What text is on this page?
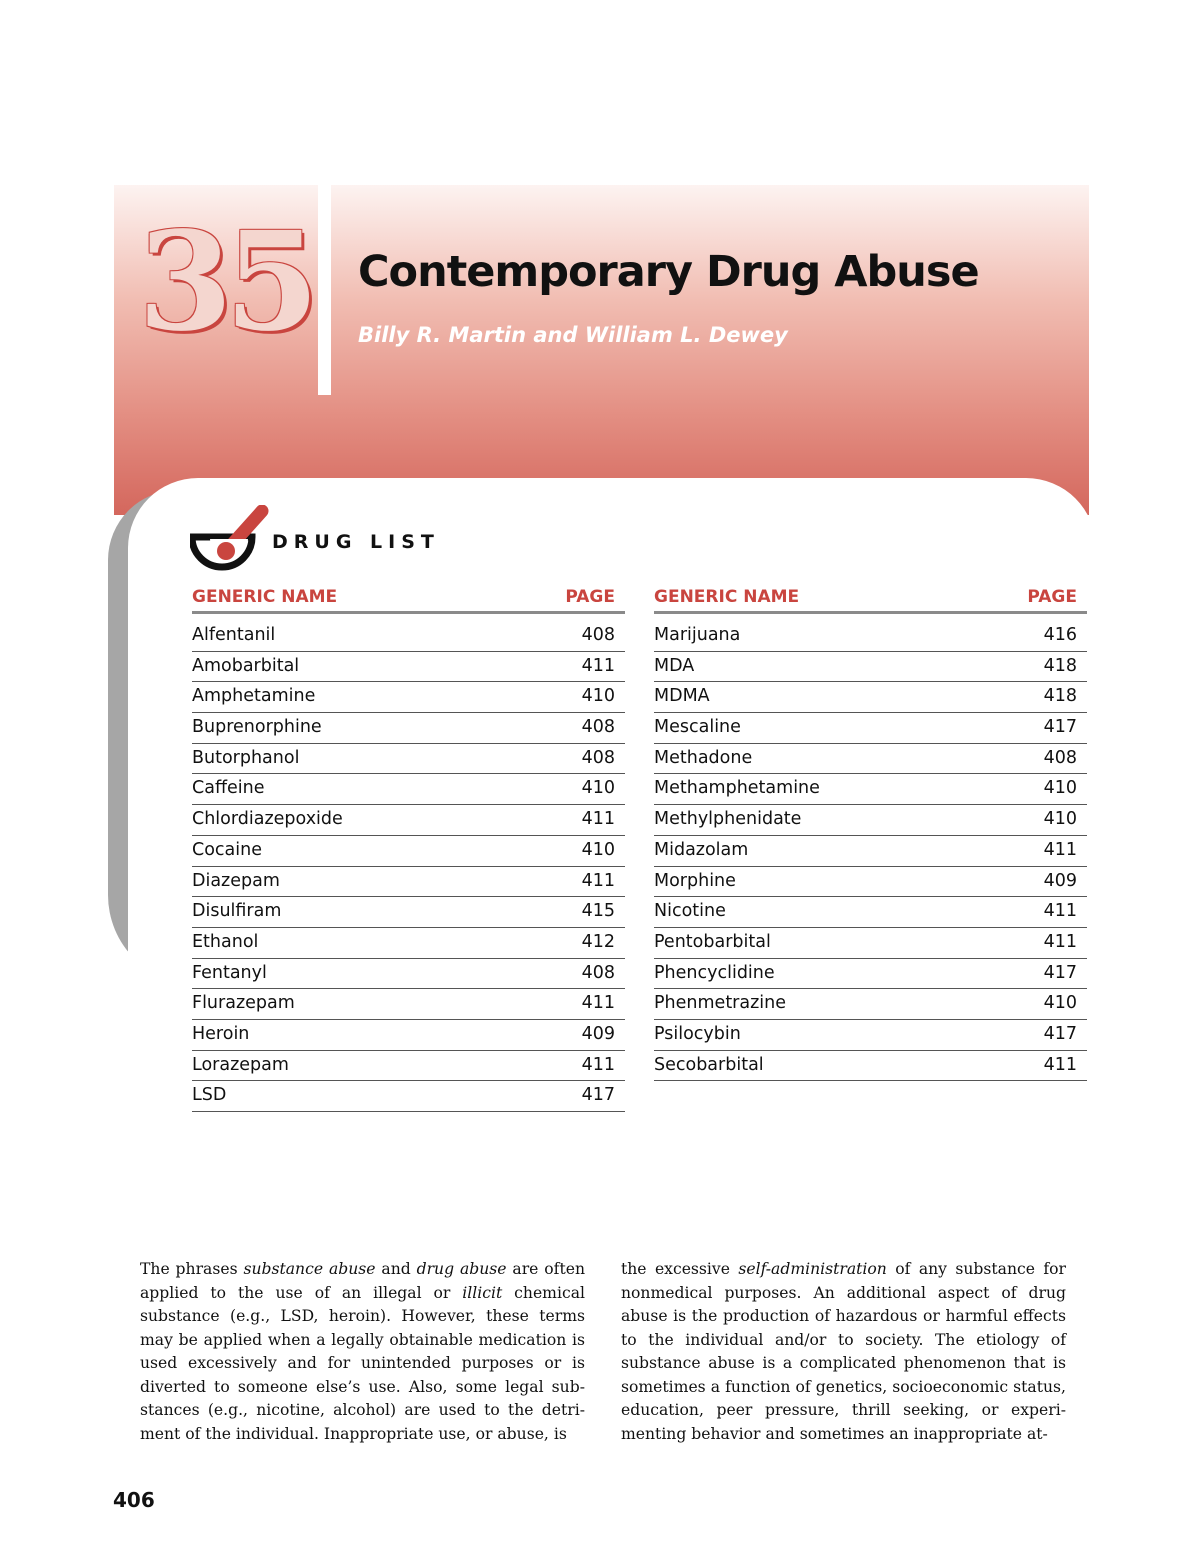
35 Contemporary Drug Abuse
Billy R. Martin and William L. Dewey
DRUG LIST
GENERIC NAME	PAGE
Alfentanil	408
Amobarbital	411
Amphetamine	410
Buprenorphine	408
Butorphanol	408
Caffeine	410
Chlordiazepoxide	411
Cocaine	410
Diazepam	411
Disulfiram	415
Ethanol	412
Fentanyl	408
Flurazepam	411
Heroin	409
Lorazepam	411
LSD	417
GENERIC NAME	PAGE
Marijuana	416
MDA	418
MDMA	418
Mescaline	417
Methadone	408
Methamphetamine	410
Methylphenidate	410
Midazolam	411
Morphine	409
Nicotine	411
Pentobarbital	411
Phencyclidine	417
Phenmetrazine	410
Psilocybin	417
Secobarbital	411

The phrases substance abuse and drug abuse are often applied to the use of an illegal or illicit chemical substance (e.g., LSD, heroin). However, these terms may be applied when a legally obtainable medication is used excessively and for unintended purposes or is diverted to someone else’s use. Also, some legal substances (e.g., nicotine, alcohol) are used to the detriment of the individual. Inappropriate use, or abuse, is

the excessive self-administration of any substance for nonmedical purposes. An additional aspect of drug abuse is the production of hazardous or harmful effects to the individual and/or to society. The etiology of substance abuse is a complicated phenomenon that is sometimes a function of genetics, socioeconomic status, education, peer pressure, thrill seeking, or experimenting behavior and sometimes an inappropriate at-

406
